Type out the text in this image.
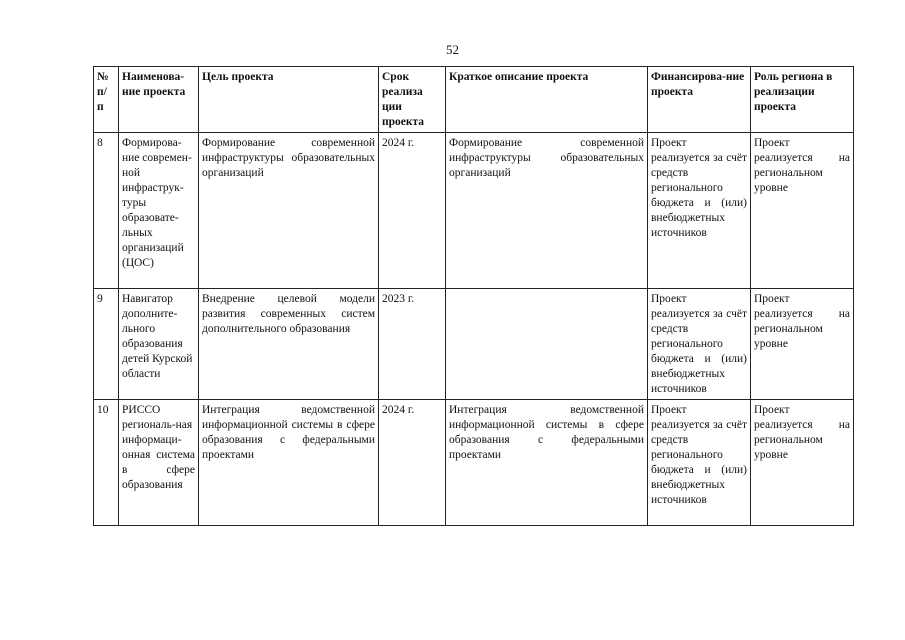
52
№ п/ п	Наименова-ние проекта	Цель проекта	Срок реализа ции проекта	Краткое описание проекта	Финансирова-ние проекта	Роль региона в реализации проекта
8	Формирова-ние современ-ной инфраструк-туры образовате-льных организаций (ЦОС)	Формирование современной инфраструктуры образовательных организаций	2024 г.	Формирование современной инфраструктуры образовательных организаций	Проект реализуется за счёт средств регионального бюджета и (или) внебюджетных источников	Проект реализуется на региональном уровне
9	Навигатор дополните-льного образования детей Курской области	Внедрение целевой модели развития современных систем дополнительного образования	2023 г.		Проект реализуется за счёт средств регионального бюджета и (или) внебюджетных источников	Проект реализуется на региональном уровне
10	РИССО региональ-ная информаци-онная система в сфере образования	Интеграция ведомственной информационной системы в сфере образования с федеральными проектами	2024 г.	Интеграция ведомственной информационной системы в сфере образования с федеральными проектами	Проект реализуется за счёт средств регионального бюджета и (или) внебюджетных источников	Проект реализуется на региональном уровне
